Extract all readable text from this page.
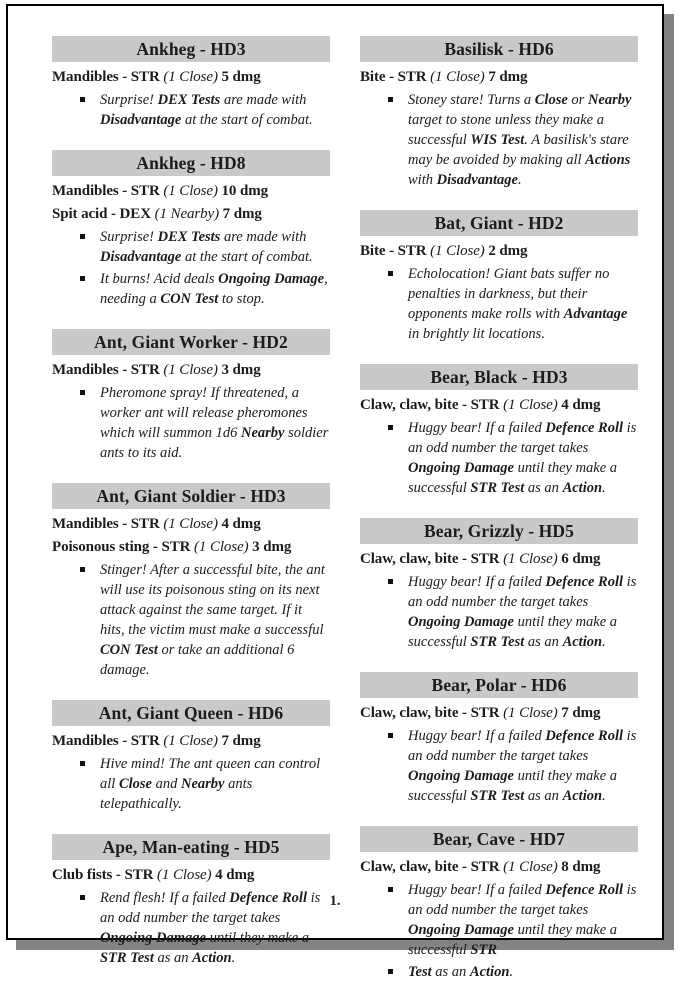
Ankheg - HD3
Mandibles - STR (1 Close) 5 dmg
Surprise! DEX Tests are made with Disadvantage at the start of combat.
Ankheg - HD8
Mandibles - STR (1 Close) 10 dmg
Spit acid - DEX (1 Nearby) 7 dmg
Surprise! DEX Tests are made with Disadvantage at the start of combat.
It burns! Acid deals Ongoing Damage, needing a CON Test to stop.
Ant, Giant Worker - HD2
Mandibles - STR (1 Close) 3 dmg
Pheromone spray! If threatened, a worker ant will release pheromones which will summon 1d6 Nearby soldier ants to its aid.
Ant, Giant Soldier - HD3
Mandibles - STR (1 Close) 4 dmg
Poisonous sting - STR (1 Close) 3 dmg
Stinger! After a successful bite, the ant will use its poisonous sting on its next attack against the same target. If it hits, the victim must make a successful CON Test or take an additional 6 damage.
Ant, Giant Queen - HD6
Mandibles - STR (1 Close) 7 dmg
Hive mind! The ant queen can control all Close and Nearby ants telepathically.
Ape, Man-eating - HD5
Club fists - STR (1 Close) 4 dmg
Rend flesh! If a failed Defence Roll is an odd number the target takes Ongoing Damage until they make a STR Test as an Action.
Basilisk - HD6
Bite - STR (1 Close) 7 dmg
Stoney stare! Turns a Close or Nearby target to stone unless they make a successful WIS Test. A basilisk's stare may be avoided by making all Actions with Disadvantage.
Bat, Giant - HD2
Bite - STR (1 Close) 2 dmg
Echolocation! Giant bats suffer no penalties in darkness, but their opponents make rolls with Advantage in brightly lit locations.
Bear, Black - HD3
Claw, claw, bite - STR (1 Close) 4 dmg
Huggy bear! If a failed Defence Roll is an odd number the target takes Ongoing Damage until they make a successful STR Test as an Action.
Bear, Grizzly - HD5
Claw, claw, bite - STR (1 Close) 6 dmg
Huggy bear! If a failed Defence Roll is an odd number the target takes Ongoing Damage until they make a successful STR Test as an Action.
Bear, Polar - HD6
Claw, claw, bite - STR (1 Close) 7 dmg
Huggy bear! If a failed Defence Roll is an odd number the target takes Ongoing Damage until they make a successful STR Test as an Action.
Bear, Cave - HD7
Claw, claw, bite - STR (1 Close) 8 dmg
Huggy bear! If a failed Defence Roll is an odd number the target takes Ongoing Damage until they make a successful STR
Test as an Action.
1.
